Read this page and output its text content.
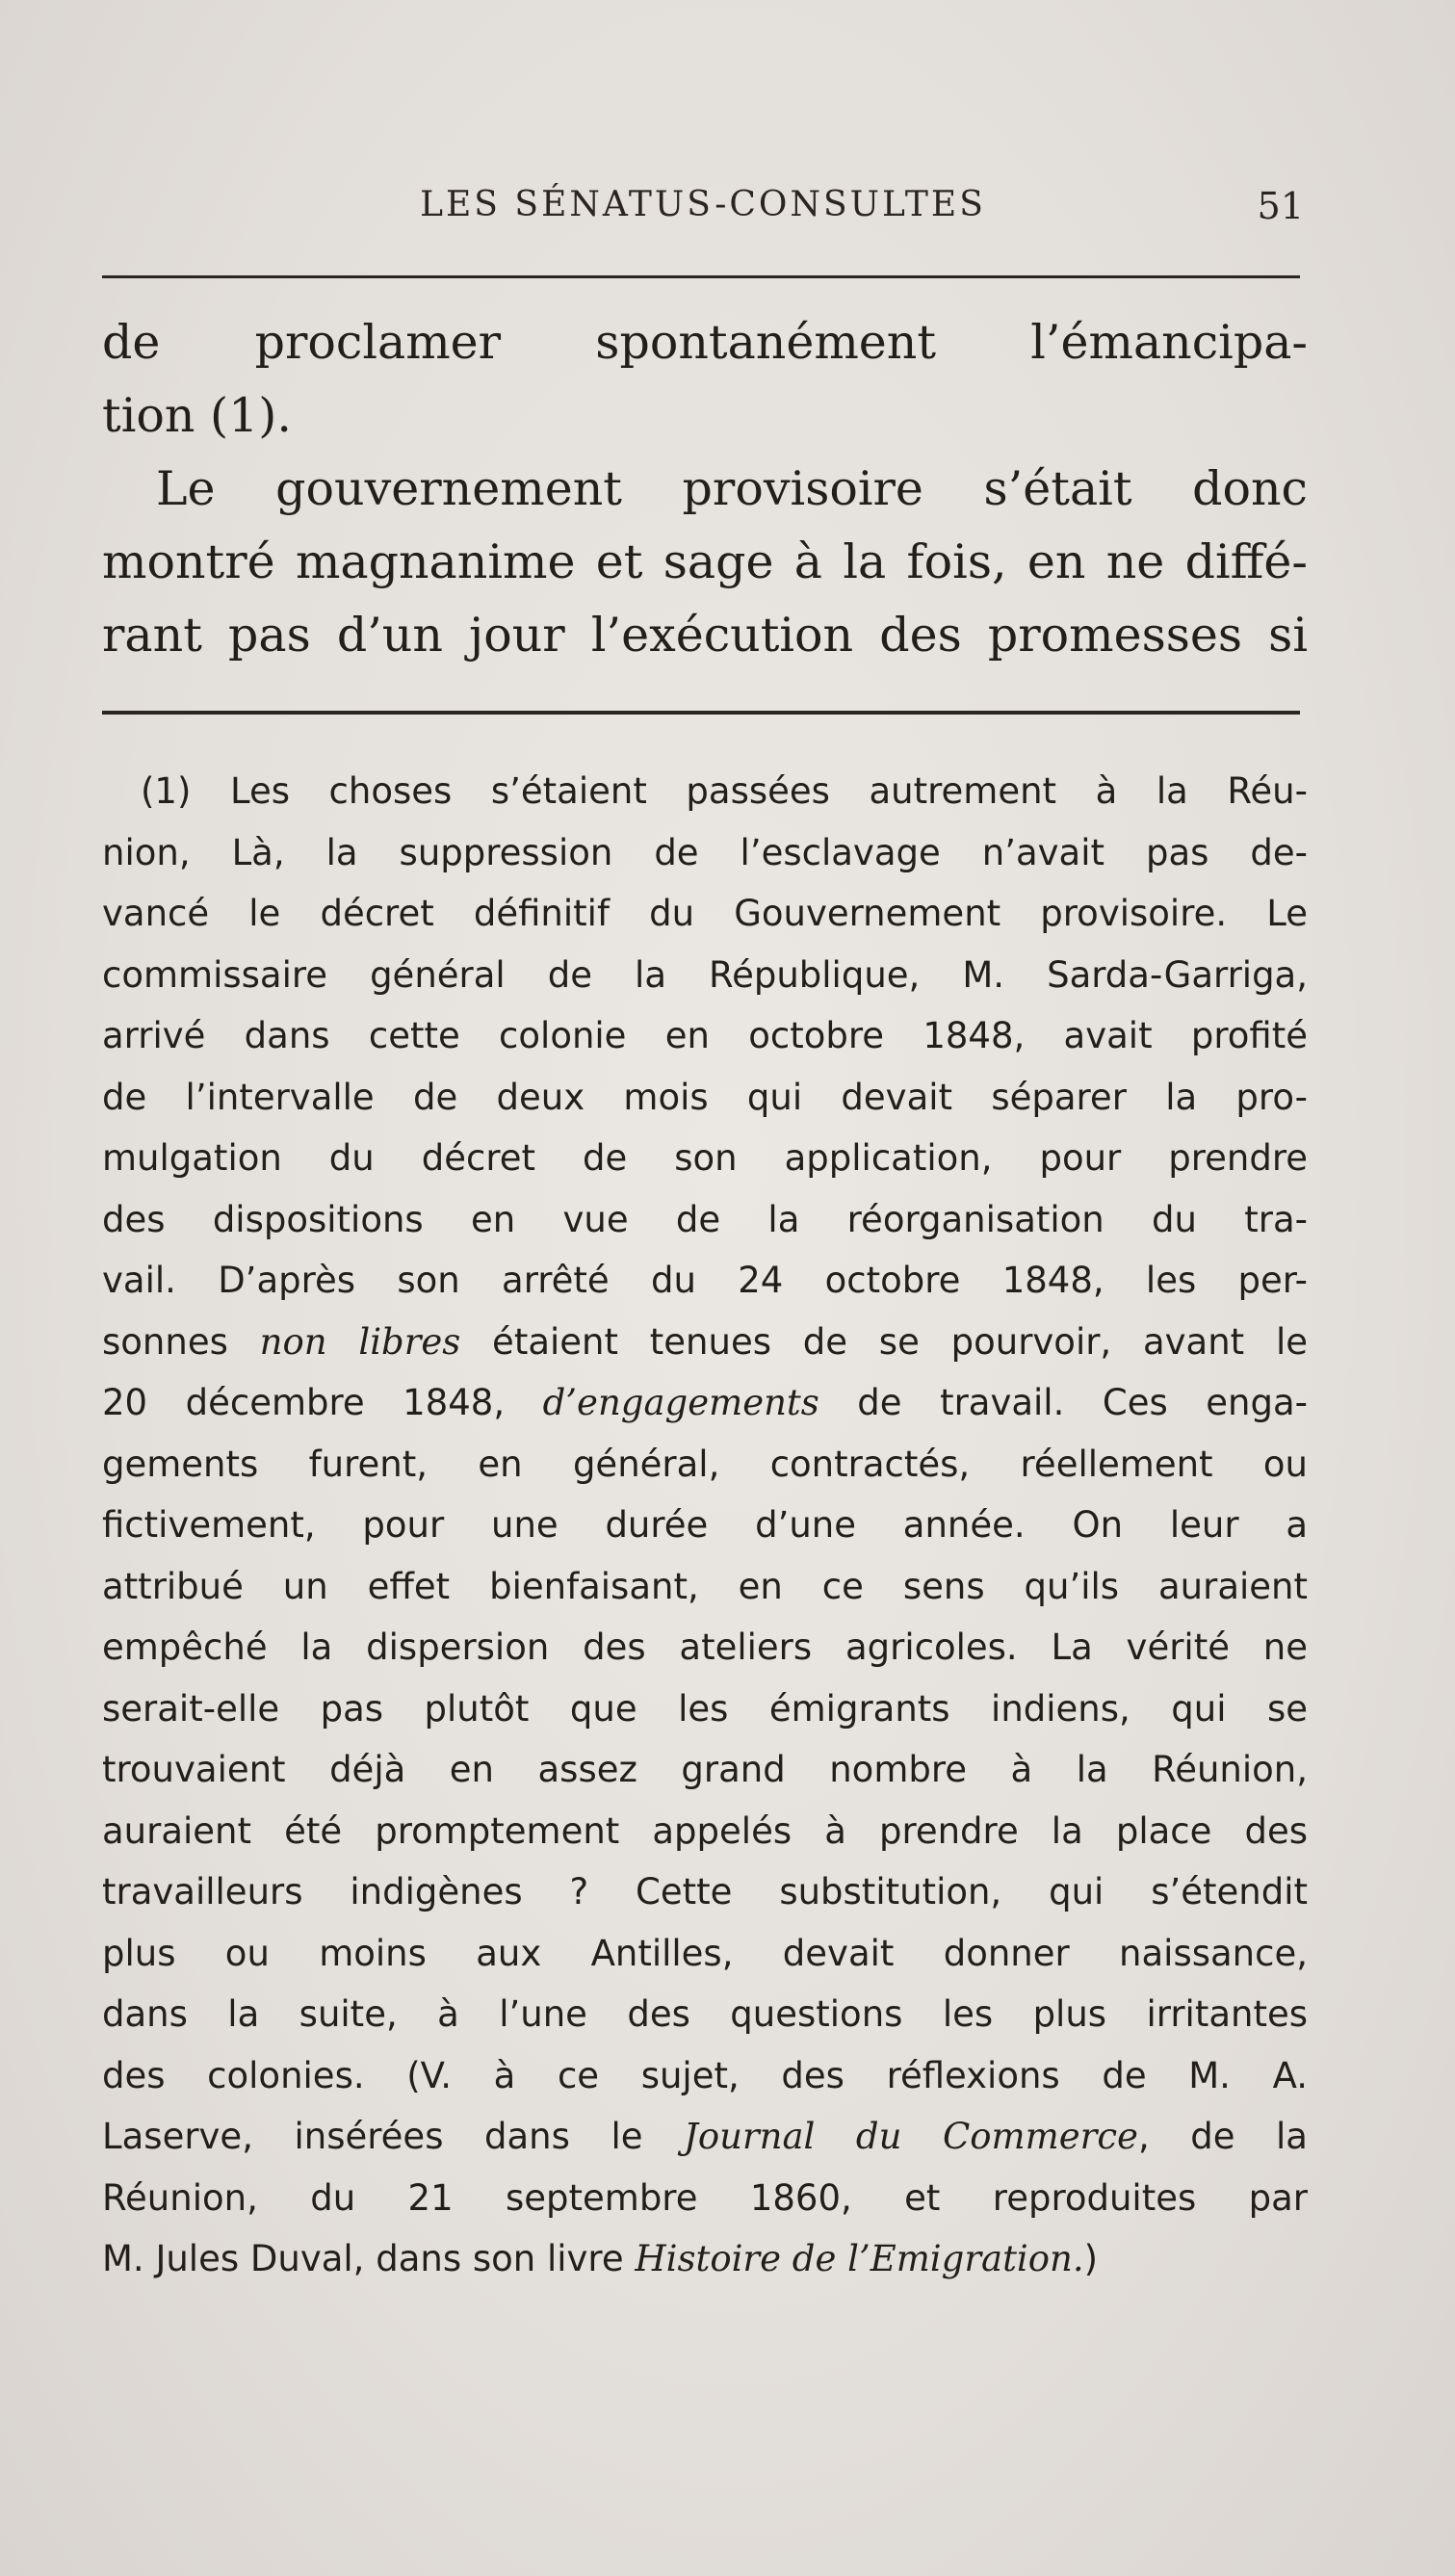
LES SÉNATUS-CONSULTES	51

de proclamer spontanément l’émancipa-

tion (1).

Le gouvernement provisoire s’était donc

montré magnanime et sage à la fois, en ne diffé-

rant pas d’un jour l’exécution des promesses si

(1) Les choses s’étaient passées autrement à la Réu-

nion, Là, la suppression de l’esclavage n’avait pas de-

vancé le décret définitif du Gouvernement provisoire. Le

commissaire général de la République, M. Sarda-Garriga,

arrivé dans cette colonie en octobre 1848, avait profité

de l’intervalle de deux mois qui devait séparer la pro-

mulgation du décret de son application, pour prendre

des dispositions en vue de la réorganisation du tra-

vail. D’après son arrêté du 24 octobre 1848, les per-

sonnes non libres étaient tenues de se pourvoir, avant le

20 décembre 1848, d’engagements de travail. Ces enga-

gements furent, en général, contractés, réellement ou

fictivement, pour une durée d’une année. On leur a

attribué un effet bienfaisant, en ce sens qu’ils auraient

empêché la dispersion des ateliers agricoles. La vérité ne

serait-elle pas plutôt que les émigrants indiens, qui se

trouvaient déjà en assez grand nombre à la Réunion,

auraient été promptement appelés à prendre la place des

travailleurs indigènes ? Cette substitution, qui s’étendit

plus ou moins aux Antilles, devait donner naissance,

dans la suite, à l’une des questions les plus irritantes

des colonies. (V. à ce sujet, des réflexions de M. A.

Laserve, insérées dans le Journal du Commerce, de la

Réunion, du 21 septembre 1860, et reproduites par

M. Jules Duval, dans son livre Histoire de l’Emigration.)
